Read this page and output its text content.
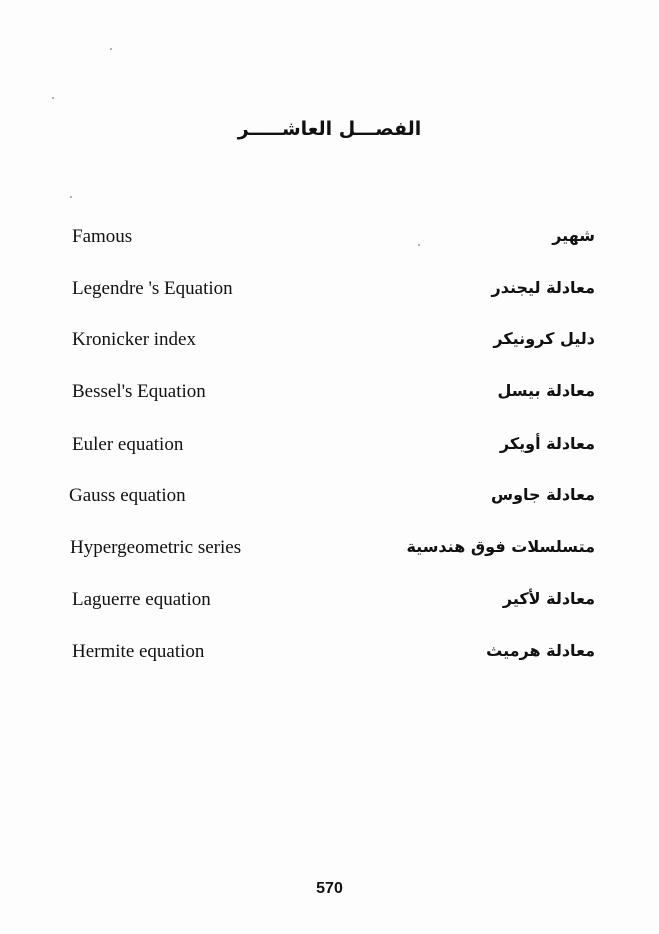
الفصـــل العاشـــــر
Famous	شهير
Legendre 's Equation	معادلة ليجندر
Kronicker index	دليل كرونيكر
Bessel's Equation	معادلة بيسل
Euler equation	معادلة أويكر
Gauss equation	معادلة جاوس
Hypergeometric series	متسلسلات فوق هندسية
Laguerre equation	معادلة لأكير
Hermite equation	معادلة هرميث
570
